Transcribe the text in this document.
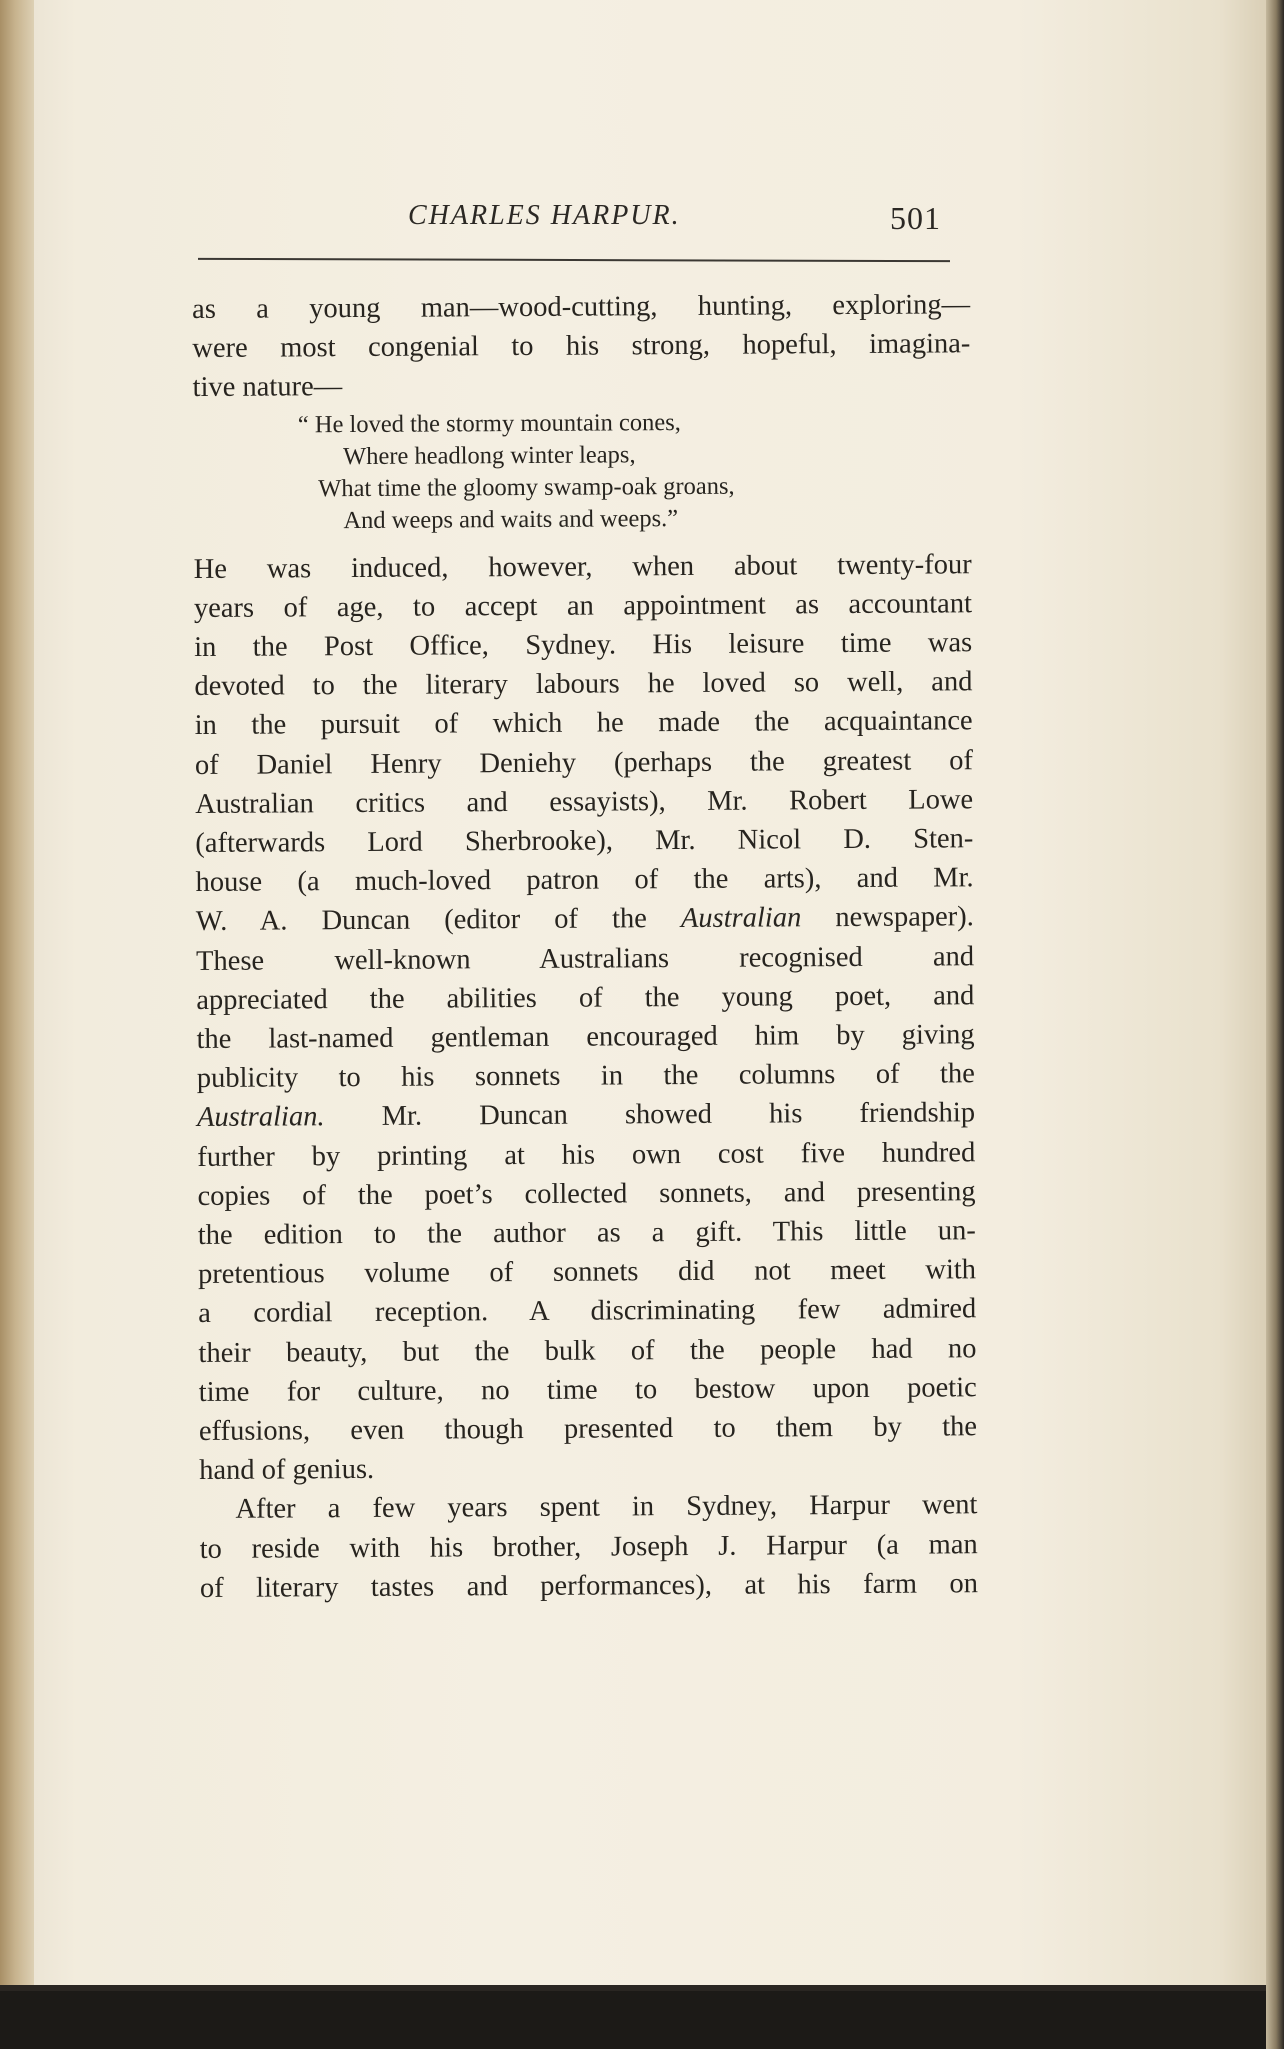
CHARLES HARPUR.	501
as a young man—wood-cutting, hunting, exploring—
were most congenial to his strong, hopeful, imagina-
tive nature—
“ He loved the stormy mountain cones,
Where headlong winter leaps,
What time the gloomy swamp-oak groans,
And weeps and waits and weeps.”
He was induced, however, when about twenty-four
years of age, to accept an appointment as accountant
in the Post Office, Sydney. His leisure time was
devoted to the literary labours he loved so well, and
in the pursuit of which he made the acquaintance
of Daniel Henry Deniehy (perhaps the greatest of
Australian critics and essayists), Mr. Robert Lowe
(afterwards Lord Sherbrooke), Mr. Nicol D. Sten-
house (a much-loved patron of the arts), and Mr.
W. A. Duncan (editor of the Australian newspaper).
These well-known Australians recognised and
appreciated the abilities of the young poet, and
the last-named gentleman encouraged him by giving
publicity to his sonnets in the columns of the
Australian. Mr. Duncan showed his friendship
further by printing at his own cost five hundred
copies of the poet’s collected sonnets, and presenting
the edition to the author as a gift. This little un-
pretentious volume of sonnets did not meet with
a cordial reception. A discriminating few admired
their beauty, but the bulk of the people had no
time for culture, no time to bestow upon poetic
effusions, even though presented to them by the
hand of genius.
After a few years spent in Sydney, Harpur went
to reside with his brother, Joseph J. Harpur (a man
of literary tastes and performances), at his farm on
